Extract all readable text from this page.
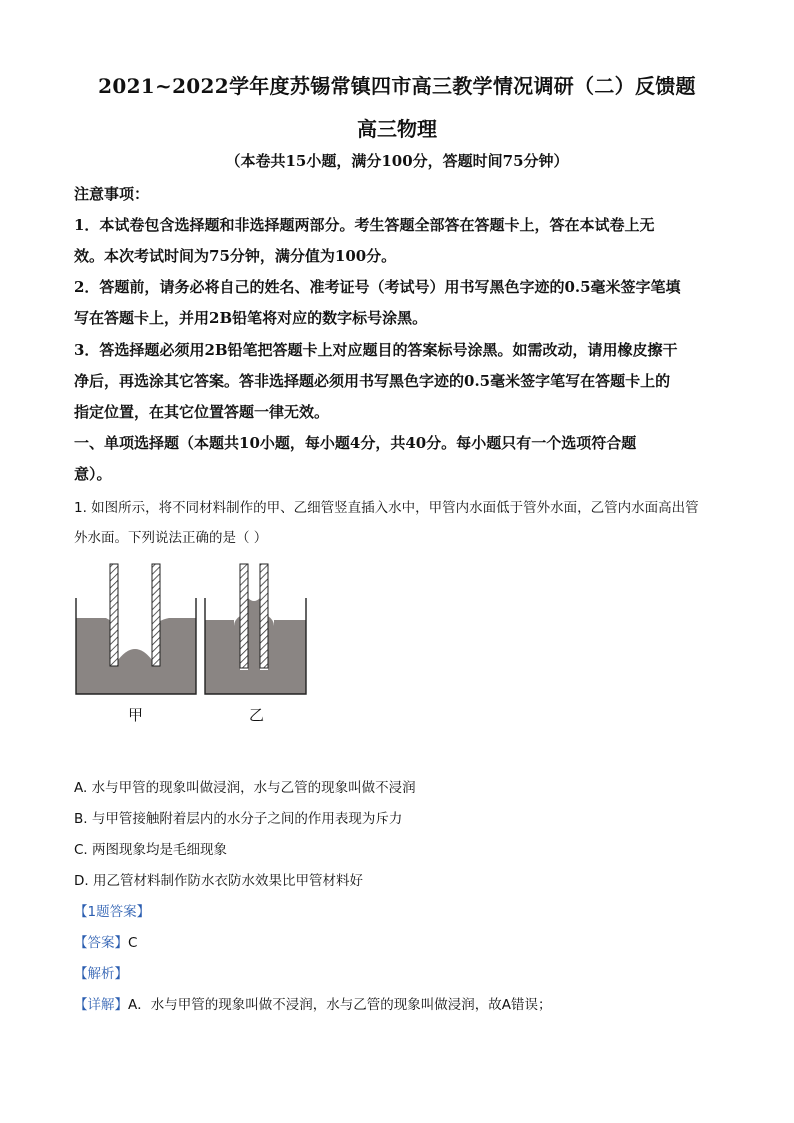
2021~2022学年度苏锡常镇四市高三教学情况调研（二）反馈题
高三物理
（本卷共15小题，满分100分，答题时间75分钟）
注意事项：
1．本试卷包含选择题和非选择题两部分。考生答题全部答在答题卡上，答在本试卷上无
效。本次考试时间为75分钟，满分值为100分。
2．答题前，请务必将自己的姓名、准考证号（考试号）用书写黑色字迹的0.5毫米签字笔填
写在答题卡上，并用2B铅笔将对应的数字标号涂黑。
3．答选择题必须用2B铅笔把答题卡上对应题目的答案标号涂黑。如需改动，请用橡皮擦干
净后，再选涂其它答案。答非选择题必须用书写黑色字迹的0.5毫米签字笔写在答题卡上的
指定位置，在其它位置答题一律无效。
一、单项选择题（本题共10小题，每小题4分，共40分。每小题只有一个选项符合题
意）。
1. 如图所示，将不同材料制作的甲、乙细管竖直插入水中，甲管内水面低于管外水面，乙管内水面高出管
外水面。下列说法正确的是（ ）
甲	乙
A. 水与甲管的现象叫做浸润，水与乙管的现象叫做不浸润
B. 与甲管接触附着层内的水分子之间的作用表现为斥力
C. 两图现象均是毛细现象
D. 用乙管材料制作防水衣防水效果比甲管材料好
【1题答案】
【答案】C
【解析】
【详解】A．水与甲管的现象叫做不浸润，水与乙管的现象叫做浸润，故A错误；
